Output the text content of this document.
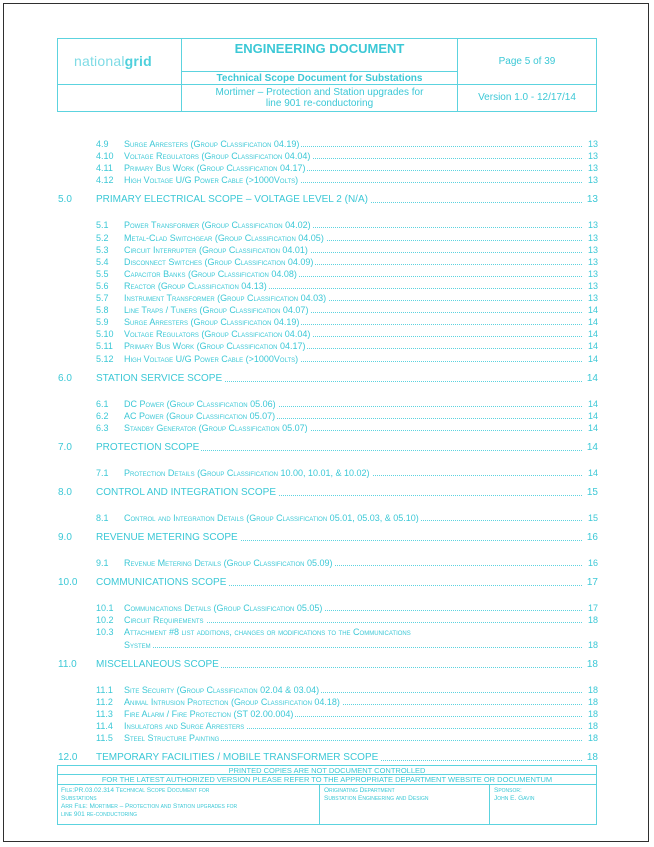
nationalgrid
ENGINEERING DOCUMENT
Technical Scope Document for Substations
Mortimer – Protection and Station upgrades for
line 901 re-conductoring
Page 5 of 39
Version 1.0 - 12/17/14
4.9 Surge Arresters (Group Classification 04.19)	13
4.10 Voltage Regulators (Group Classification 04.04)	13
4.11 Primary Bus Work (Group Classification 04.17)	13
4.12 High Voltage U/G Power Cable (>1000Volts)	13
5.0 PRIMARY ELECTRICAL SCOPE – VOLTAGE LEVEL 2 (N/A)	13
5.1 Power Transformer (Group Classification 04.02)	13
5.2 Metal-Clad Switchgear (Group Classification 04.05)	13
5.3 Circuit Interrupter (Group Classification 04.01)	13
5.4 Disconnect Switches (Group Classification 04.09)	13
5.5 Capacitor Banks (Group Classification 04.08)	13
5.6 Reactor (Group Classification 04.13)	13
5.7 Instrument Transformer (Group Classification 04.03)	13
5.8 Line Traps / Tuners (Group Classification 04.07)	14
5.9 Surge Arresters (Group Classification 04.19)	14
5.10 Voltage Regulators (Group Classification 04.04)	14
5.11 Primary Bus Work (Group Classification 04.17)	14
5.12 High Voltage U/G Power Cable (>1000Volts)	14
6.0 STATION SERVICE SCOPE	14
6.1 DC Power (Group Classification 05.06)	14
6.2 AC Power (Group Classification 05.07)	14
6.3 Standby Generator (Group Classification 05.07)	14
7.0 PROTECTION SCOPE	14
7.1 Protection Details (Group Classification 10.00, 10.01, & 10.02)	14
8.0 CONTROL AND INTEGRATION SCOPE	15
8.1 Control and Integration Details (Group Classification 05.01, 05.03, & 05.10)	15
9.0 REVENUE METERING SCOPE	16
9.1 Revenue Metering Details (Group Classification 05.09)	16
10.0 COMMUNICATIONS SCOPE	17
10.1 Communications Details (Group Classification 05.05)	17
10.2 Circuit Requirements	18
10.3 Attachment #8 list additions, changes or modifications to the Communications
System	18
11.0 MISCELLANEOUS SCOPE	18
11.1 Site Security (Group Classification 02.04 & 03.04)	18
11.2 Animal Intrusion Protection (Group Classification 04.18)	18
11.3 Fire Alarm / Fire Protection (ST 02.00.004)	18
11.4 Insulators and Surge Arresters	18
11.5 Steel Structure Painting	18
12.0 TEMPORARY FACILITIES / MOBILE TRANSFORMER SCOPE	18
PRINTED COPIES ARE NOT DOCUMENT CONTROLLED
FOR THE LATEST AUTHORIZED VERSION PLEASE REFER TO THE APPROPRIATE DEPARTMENT WEBSITE OR DOCUMENTUM
File:PR.03.02.314 Technical Scope Document for
Substations
Arr File: Mortimer – Protection and Station upgrades for
line 901 re-conductoring
Originating Department
Substation Engineering and Design
Sponsor:
John E. Gavin
